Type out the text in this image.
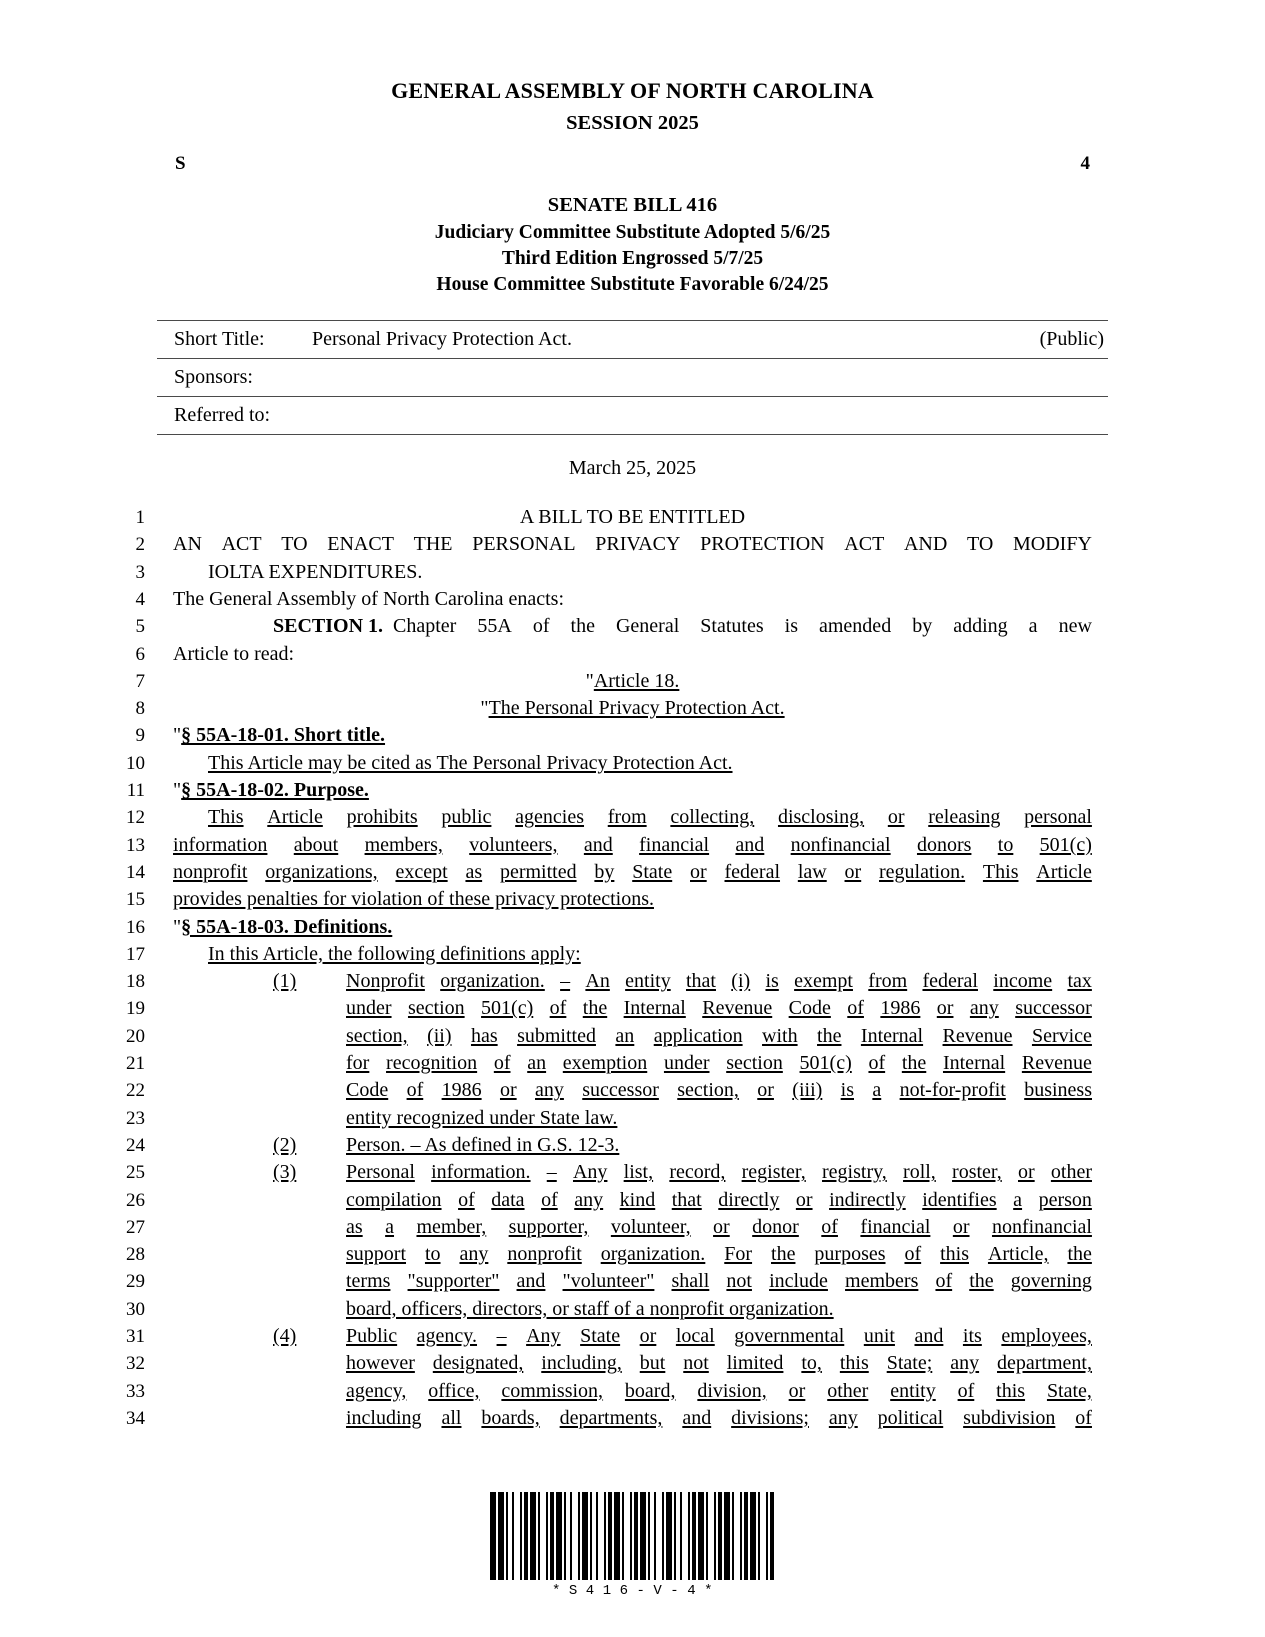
GENERAL ASSEMBLY OF NORTH CAROLINA
SESSION 2025
S	4
SENATE BILL 416
Judiciary Committee Substitute Adopted 5/6/25
Third Edition Engrossed 5/7/25
House Committee Substitute Favorable 6/24/25
Short Title:	Personal Privacy Protection Act.	(Public)
Sponsors:
Referred to:
March 25, 2025
1	A BILL TO BE ENTITLED
2 AN ACT TO ENACT THE PERSONAL PRIVACY PROTECTION ACT AND TO MODIFY
3	IOLTA EXPENDITURES.
4 The General Assembly of North Carolina enacts:
5	SECTION 1. Chapter 55A of the General Statutes is amended by adding a new
6 Article to read:
7	"Article 18.
8	"The Personal Privacy Protection Act.
9 "§ 55A-18-01. Short title.
10	This Article may be cited as The Personal Privacy Protection Act.
11 "§ 55A-18-02. Purpose.
12	This Article prohibits public agencies from collecting, disclosing, or releasing personal
13 information about members, volunteers, and financial and nonfinancial donors to 501(c)
14 nonprofit organizations, except as permitted by State or federal law or regulation. This Article
15 provides penalties for violation of these privacy protections.
16 "§ 55A-18-03. Definitions.
17	In this Article, the following definitions apply:
18	(1) Nonprofit organization. – An entity that (i) is exempt from federal income tax
19	under section 501(c) of the Internal Revenue Code of 1986 or any successor
20	section, (ii) has submitted an application with the Internal Revenue Service
21	for recognition of an exemption under section 501(c) of the Internal Revenue
22	Code of 1986 or any successor section, or (iii) is a not-for-profit business
23	entity recognized under State law.
24	(2) Person. – As defined in G.S. 12-3.
25	(3) Personal information. – Any list, record, register, registry, roll, roster, or other
26	compilation of data of any kind that directly or indirectly identifies a person
27	as a member, supporter, volunteer, or donor of financial or nonfinancial
28	support to any nonprofit organization. For the purposes of this Article, the
29	terms "supporter" and "volunteer" shall not include members of the governing
30	board, officers, directors, or staff of a nonprofit organization.
31	(4) Public agency. – Any State or local governmental unit and its employees,
32	however designated, including, but not limited to, this State; any department,
33	agency, office, commission, board, division, or other entity of this State,
34	including all boards, departments, and divisions; any political subdivision of
*S416-V-4*
